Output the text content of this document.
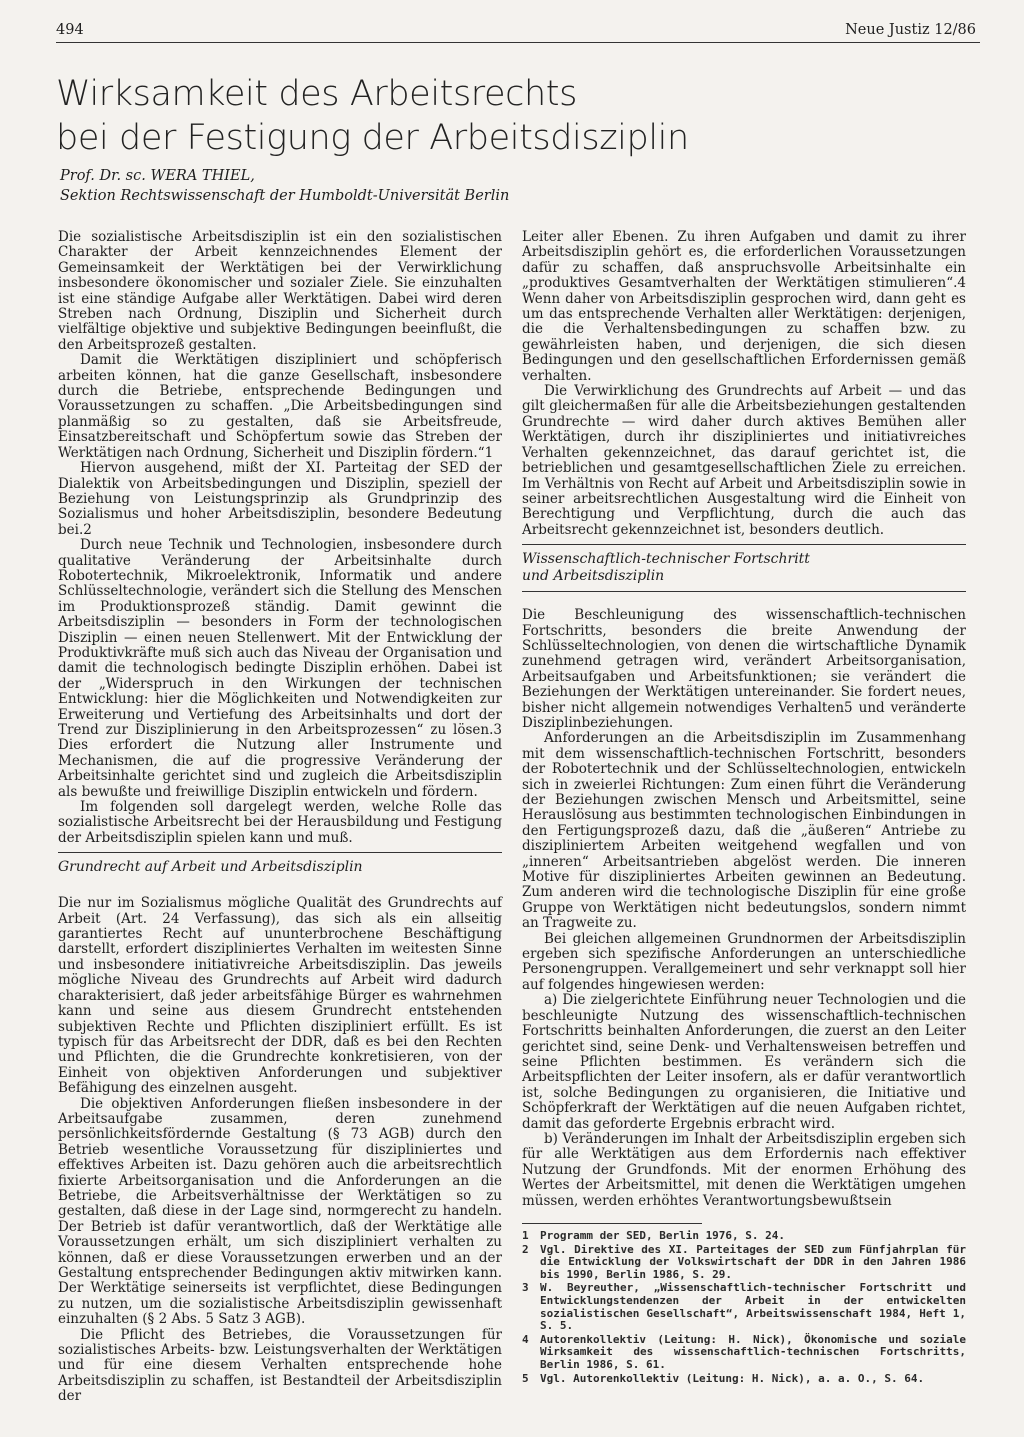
494	Neue Justiz 12/86
Wirksamkeit des Arbeitsrechts
bei der Festigung der Arbeitsdisziplin
Prof. Dr. sc. WERA THIEL,
Sektion Rechtswissenschaft der Humboldt-Universität Berlin

Die sozialistische Arbeitsdisziplin ist ein den sozialistischen Charakter der Arbeit kennzeichnendes Element der Gemeinsamkeit der Werktätigen bei der Verwirklichung insbesondere ökonomischer und sozialer Ziele. Sie einzuhalten ist eine ständige Aufgabe aller Werktätigen. Dabei wird deren Streben nach Ordnung, Disziplin und Sicherheit durch vielfältige objektive und subjektive Bedingungen beeinflußt, die den Arbeitsprozeß gestalten.

Damit die Werktätigen diszipliniert und schöpferisch arbeiten können, hat die ganze Gesellschaft, insbesondere durch die Betriebe, entsprechende Bedingungen und Voraussetzungen zu schaffen. „Die Arbeitsbedingungen sind planmäßig so zu gestalten, daß sie Arbeitsfreude, Einsatzbereitschaft und Schöpfertum sowie das Streben der Werktätigen nach Ordnung, Sicherheit und Disziplin fördern.“1

Hiervon ausgehend, mißt der XI. Parteitag der SED der Dialektik von Arbeitsbedingungen und Disziplin, speziell der Beziehung von Leistungsprinzip als Grundprinzip des Sozialismus und hoher Arbeitsdisziplin, besondere Bedeutung bei.2

Durch neue Technik und Technologien, insbesondere durch qualitative Veränderung der Arbeitsinhalte durch Robotertechnik, Mikroelektronik, Informatik und andere Schlüsseltechnologie, verändert sich die Stellung des Menschen im Produktionsprozeß ständig. Damit gewinnt die Arbeitsdisziplin — besonders in Form der technologischen Disziplin — einen neuen Stellenwert. Mit der Entwicklung der Produktivkräfte muß sich auch das Niveau der Organisation und damit die technologisch bedingte Disziplin erhöhen. Dabei ist der „Widerspruch in den Wirkungen der technischen Entwicklung: hier die Möglichkeiten und Notwendigkeiten zur Erweiterung und Vertiefung des Arbeitsinhalts und dort der Trend zur Disziplinierung in den Arbeitsprozessen“ zu lösen.3 Dies erfordert die Nutzung aller Instrumente und Mechanismen, die auf die progressive Veränderung der Arbeitsinhalte gerichtet sind und zugleich die Arbeitsdisziplin als bewußte und freiwillige Disziplin entwickeln und fördern.

Im folgenden soll dargelegt werden, welche Rolle das sozialistische Arbeitsrecht bei der Herausbildung und Festigung der Arbeitsdisziplin spielen kann und muß.

Grundrecht auf Arbeit und Arbeitsdisziplin

Die nur im Sozialismus mögliche Qualität des Grundrechts auf Arbeit (Art. 24 Verfassung), das sich als ein allseitig garantiertes Recht auf ununterbrochene Beschäftigung darstellt, erfordert diszipliniertes Verhalten im weitesten Sinne und insbesondere initiativreiche Arbeitsdisziplin. Das jeweils mögliche Niveau des Grundrechts auf Arbeit wird dadurch charakterisiert, daß jeder arbeitsfähige Bürger es wahrnehmen kann und seine aus diesem Grundrecht entstehenden subjektiven Rechte und Pflichten diszipliniert erfüllt. Es ist typisch für das Arbeitsrecht der DDR, daß es bei den Rechten und Pflichten, die die Grundrechte konkretisieren, von der Einheit von objektiven Anforderungen und subjektiver Befähigung des einzelnen ausgeht.

Die objektiven Anforderungen fließen insbesondere in der Arbeitsaufgabe zusammen, deren zunehmend persönlichkeitsfördernde Gestaltung (§ 73 AGB) durch den Betrieb wesentliche Voraussetzung für diszipliniertes und effektives Arbeiten ist. Dazu gehören auch die arbeitsrechtlich fixierte Arbeitsorganisation und die Anforderungen an die Betriebe, die Arbeitsverhältnisse der Werktätigen so zu gestalten, daß diese in der Lage sind, normgerecht zu handeln. Der Betrieb ist dafür verantwortlich, daß der Werktätige alle Voraussetzungen erhält, um sich diszipliniert verhalten zu können, daß er diese Voraussetzungen erwerben und an der Gestaltung entsprechender Bedingungen aktiv mitwirken kann. Der Werktätige seinerseits ist verpflichtet, diese Bedingungen zu nutzen, um die sozialistische Arbeitsdisziplin gewissenhaft einzuhalten (§ 2 Abs. 5 Satz 3 AGB).

Die Pflicht des Betriebes, die Voraussetzungen für sozialistisches Arbeits- bzw. Leistungsverhalten der Werktätigen und für eine diesem Verhalten entsprechende hohe Arbeitsdisziplin zu schaffen, ist Bestandteil der Arbeitsdisziplin der

Leiter aller Ebenen. Zu ihren Aufgaben und damit zu ihrer Arbeitsdisziplin gehört es, die erforderlichen Voraussetzungen dafür zu schaffen, daß anspruchsvolle Arbeitsinhalte ein „produktives Gesamtverhalten der Werktätigen stimulieren“.4 Wenn daher von Arbeitsdisziplin gesprochen wird, dann geht es um das entsprechende Verhalten aller Werktätigen: derjenigen, die die Verhaltensbedingungen zu schaffen bzw. zu gewährleisten haben, und derjenigen, die sich diesen Bedingungen und den gesellschaftlichen Erfordernissen gemäß verhalten.

Die Verwirklichung des Grundrechts auf Arbeit — und das gilt gleichermaßen für alle die Arbeitsbeziehungen gestaltenden Grundrechte — wird daher durch aktives Bemühen aller Werktätigen, durch ihr diszipliniertes und initiativreiches Verhalten gekennzeichnet, das darauf gerichtet ist, die betrieblichen und gesamtgesellschaftlichen Ziele zu erreichen. Im Verhältnis von Recht auf Arbeit und Arbeitsdisziplin sowie in seiner arbeitsrechtlichen Ausgestaltung wird die Einheit von Berechtigung und Verpflichtung, durch die auch das Arbeitsrecht gekennzeichnet ist, besonders deutlich.

Wissenschaftlich-technischer Fortschritt
und Arbeitsdisziplin

Die Beschleunigung des wissenschaftlich-technischen Fortschritts, besonders die breite Anwendung der Schlüsseltechnologien, von denen die wirtschaftliche Dynamik zunehmend getragen wird, verändert Arbeitsorganisation, Arbeitsaufgaben und Arbeitsfunktionen; sie verändert die Beziehungen der Werktätigen untereinander. Sie fordert neues, bisher nicht allgemein notwendiges Verhalten5 und veränderte Disziplinbeziehungen.

Anforderungen an die Arbeitsdisziplin im Zusammenhang mit dem wissenschaftlich-technischen Fortschritt, besonders der Robotertechnik und der Schlüsseltechnologien, entwickeln sich in zweierlei Richtungen: Zum einen führt die Veränderung der Beziehungen zwischen Mensch und Arbeitsmittel, seine Herauslösung aus bestimmten technologischen Einbindungen in den Fertigungsprozeß dazu, daß die „äußeren“ Antriebe zu diszipliniertem Arbeiten weitgehend wegfallen und von „inneren“ Arbeitsantrieben abgelöst werden. Die inneren Motive für diszipliniertes Arbeiten gewinnen an Bedeutung. Zum anderen wird die technologische Disziplin für eine große Gruppe von Werktätigen nicht bedeutungslos, sondern nimmt an Tragweite zu.

Bei gleichen allgemeinen Grundnormen der Arbeitsdisziplin ergeben sich spezifische Anforderungen an unterschiedliche Personengruppen. Verallgemeinert und sehr verknappt soll hier auf folgendes hingewiesen werden:

a) Die zielgerichtete Einführung neuer Technologien und die beschleunigte Nutzung des wissenschaftlich-technischen Fortschritts beinhalten Anforderungen, die zuerst an den Leiter gerichtet sind, seine Denk- und Verhaltensweisen betreffen und seine Pflichten bestimmen. Es verändern sich die Arbeitspflichten der Leiter insofern, als er dafür verantwortlich ist, solche Bedingungen zu organisieren, die Initiative und Schöpferkraft der Werktätigen auf die neuen Aufgaben richtet, damit das geforderte Ergebnis erbracht wird.

b) Veränderungen im Inhalt der Arbeitsdisziplin ergeben sich für alle Werktätigen aus dem Erfordernis nach effektiver Nutzung der Grundfonds. Mit der enormen Erhöhung des Wertes der Arbeitsmittel, mit denen die Werktätigen umgehen müssen, werden erhöhtes Verantwortungsbewußtsein

1	Programm der SED, Berlin 1976, S. 24.
2	Vgl. Direktive des XI. Parteitages der SED zum Fünfjahrplan für die Entwicklung der Volkswirtschaft der DDR in den Jahren 1986 bis 1990, Berlin 1986, S. 29.
3	W. Beyreuther, „Wissenschaftlich-technischer Fortschritt und Entwicklungstendenzen der Arbeit in der entwickelten sozialistischen Gesellschaft“, Arbeitswissenschaft 1984, Heft 1, S. 5.
4	Autorenkollektiv (Leitung: H. Nick), Ökonomische und soziale Wirksamkeit des wissenschaftlich-technischen Fortschritts, Berlin 1986, S. 61.
5	Vgl. Autorenkollektiv (Leitung: H. Nick), a. a. O., S. 64.
